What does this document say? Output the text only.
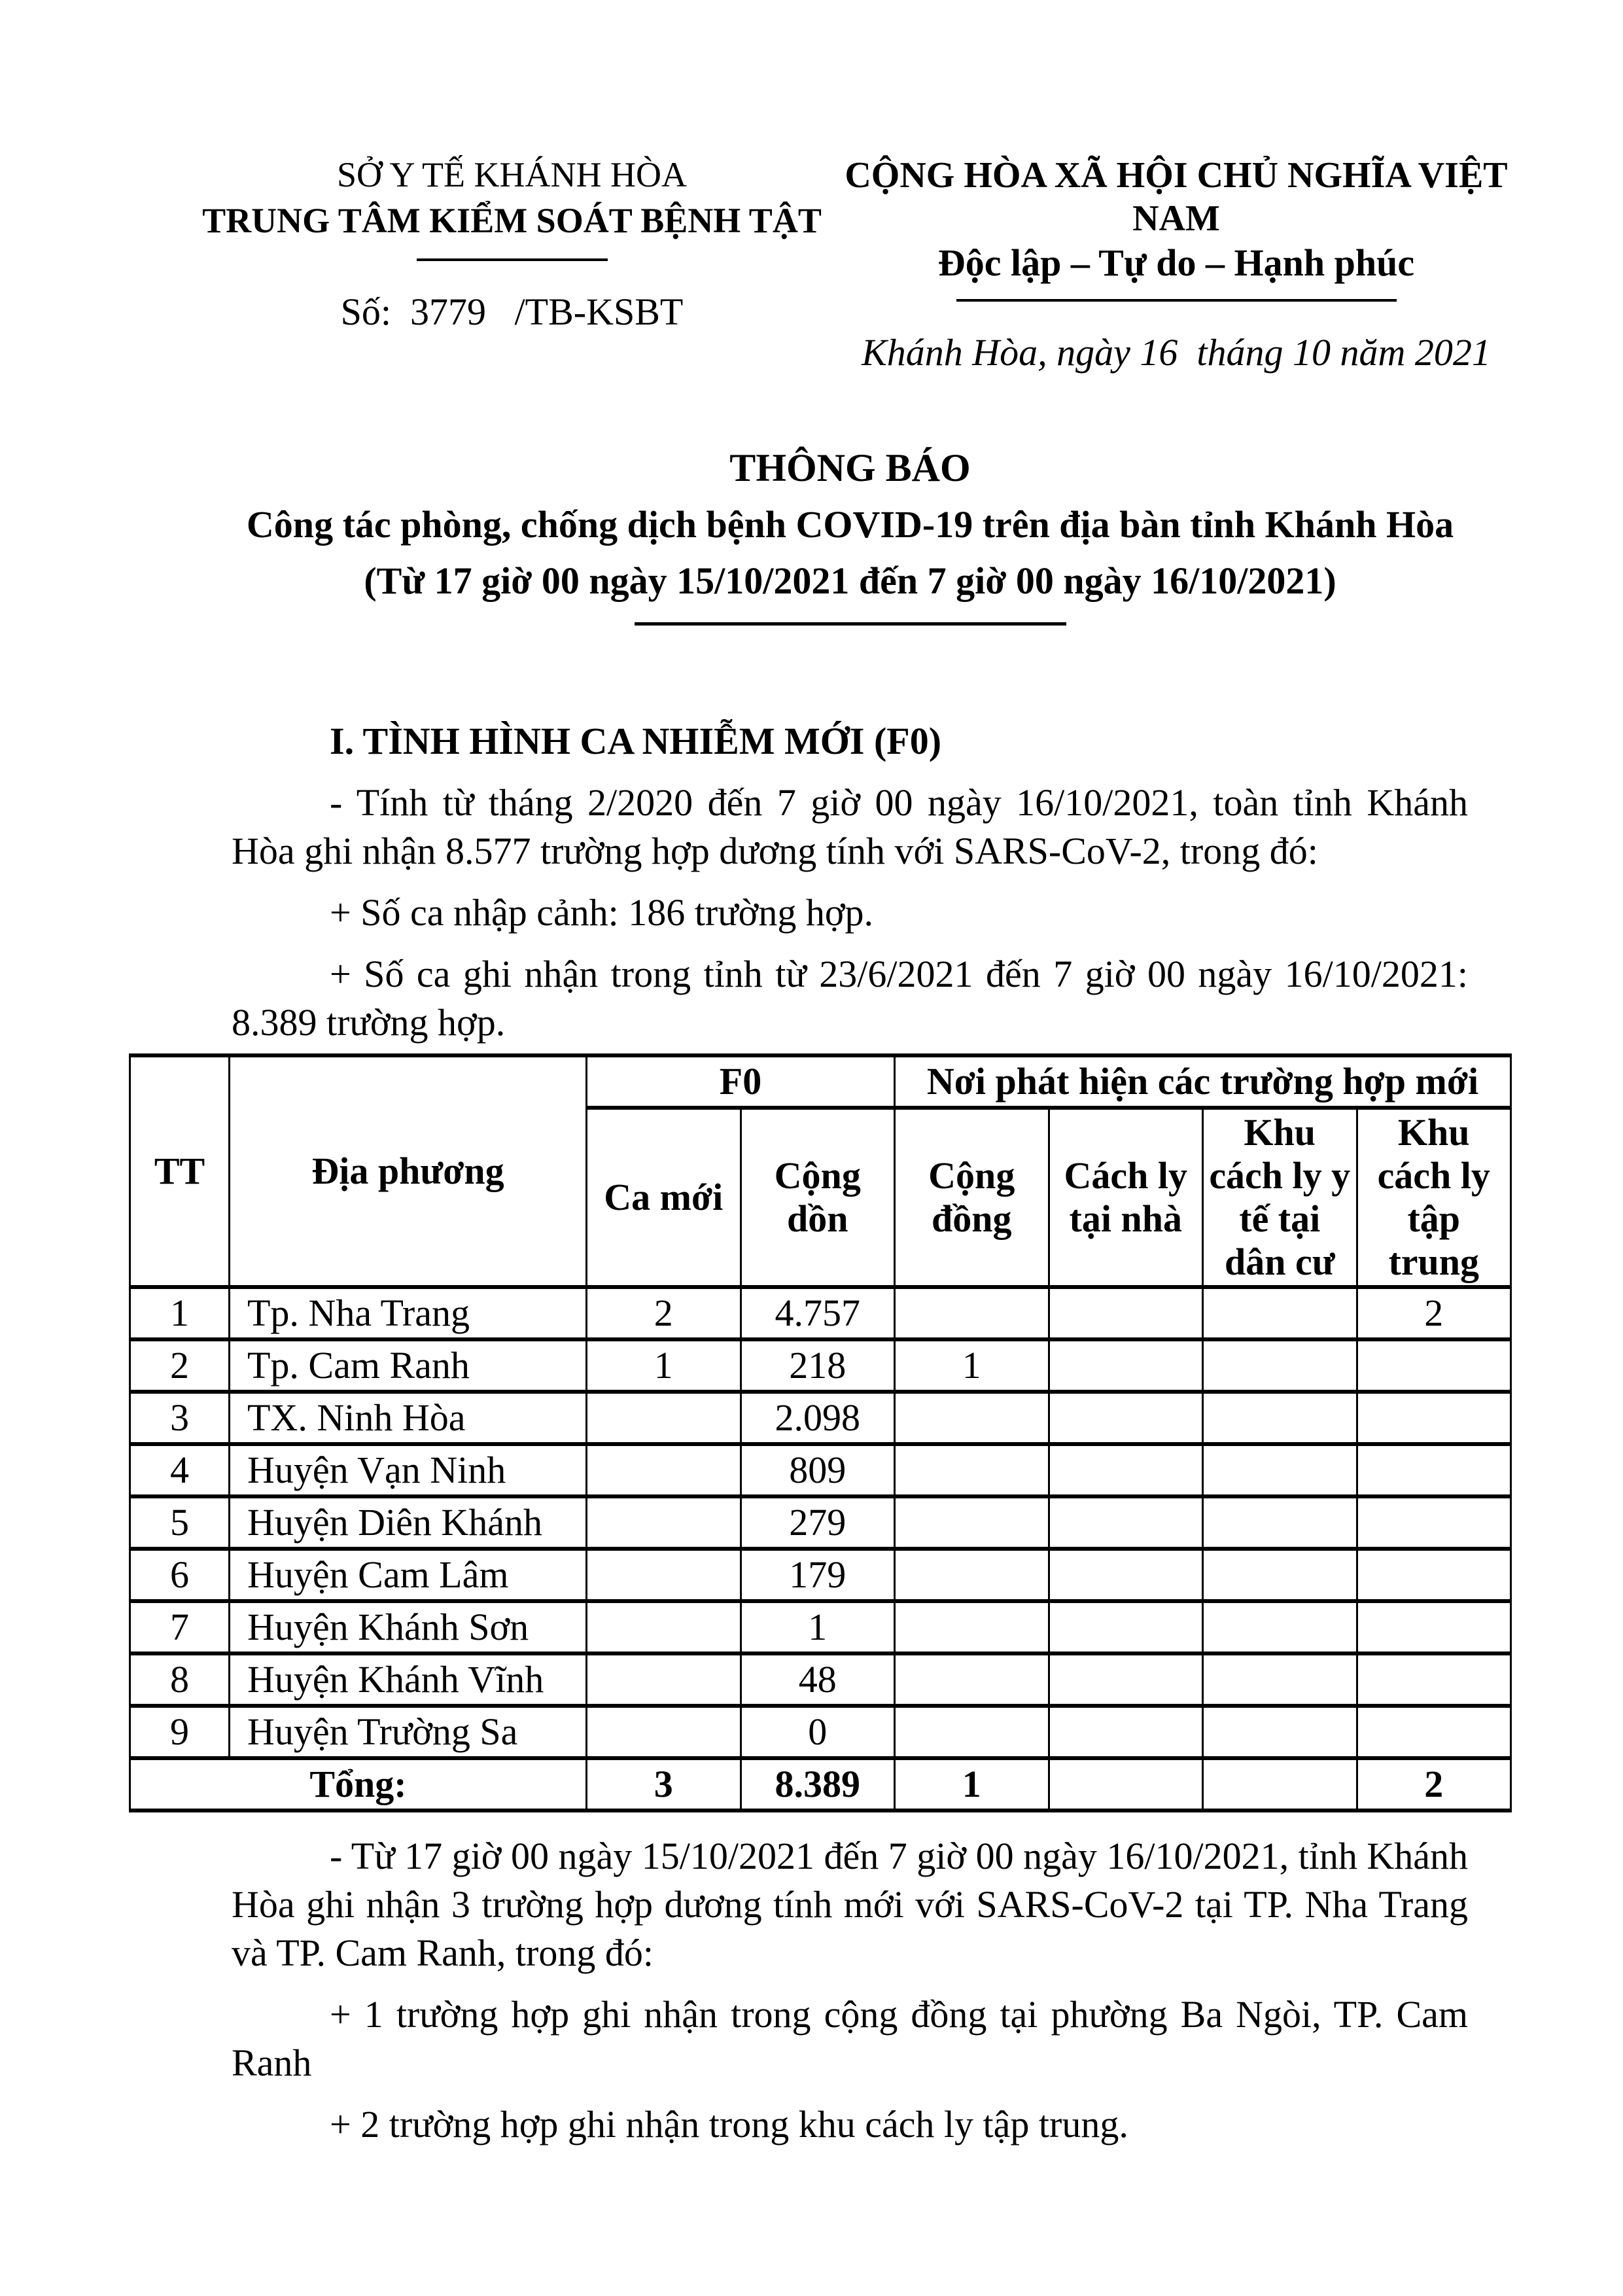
SỞ Y TẾ KHÁNH HÒA
TRUNG TÂM KIỂM SOÁT BỆNH TẬT
Số:  3779   /TB-KSBT
CỘNG HÒA XÃ HỘI CHỦ NGHĨA VIỆT NAM
Độc lập – Tự do – Hạnh phúc
Khánh Hòa, ngày 16  tháng 10 năm 2021
THÔNG BÁO
Công tác phòng, chống dịch bệnh COVID-19 trên địa bàn tỉnh Khánh Hòa
(Từ 17 giờ 00 ngày 15/10/2021 đến 7 giờ 00 ngày 16/10/2021)
I. TÌNH HÌNH CA NHIỄM MỚI (F0)
- Tính từ tháng 2/2020 đến 7 giờ 00 ngày 16/10/2021, toàn tỉnh Khánh Hòa ghi nhận 8.577 trường hợp dương tính với SARS-CoV-2, trong đó:
+ Số ca nhập cảnh: 186 trường hợp.
+ Số ca ghi nhận trong tỉnh từ 23/6/2021 đến 7 giờ 00 ngày 16/10/2021: 8.389 trường hợp.
TT	Địa phương	F0		Nơi phát hiện các trường hợp mới			
		Ca mới	Cộng dồn	Cộng đồng	Cách ly tại nhà	Khu cách ly y tế tại dân cư	Khu cách ly tập trung
1	Tp. Nha Trang	2	4.757				2
2	Tp. Cam Ranh	1	218	1			
3	TX. Ninh Hòa		2.098				
4	Huyện Vạn Ninh		809				
5	Huyện Diên Khánh		279				
6	Huyện Cam Lâm		179				
7	Huyện Khánh Sơn		1				
8	Huyện Khánh Vĩnh		48				
9	Huyện Trường Sa		0				
Tổng:		3	8.389	1			2
- Từ 17 giờ 00 ngày 15/10/2021 đến 7 giờ 00 ngày 16/10/2021, tỉnh Khánh Hòa ghi nhận 3 trường hợp dương tính mới với SARS-CoV-2 tại TP. Nha Trang và TP. Cam Ranh, trong đó:
+ 1 trường hợp ghi nhận trong cộng đồng tại phường Ba Ngòi, TP. Cam Ranh
+ 2 trường hợp ghi nhận trong khu cách ly tập trung.
